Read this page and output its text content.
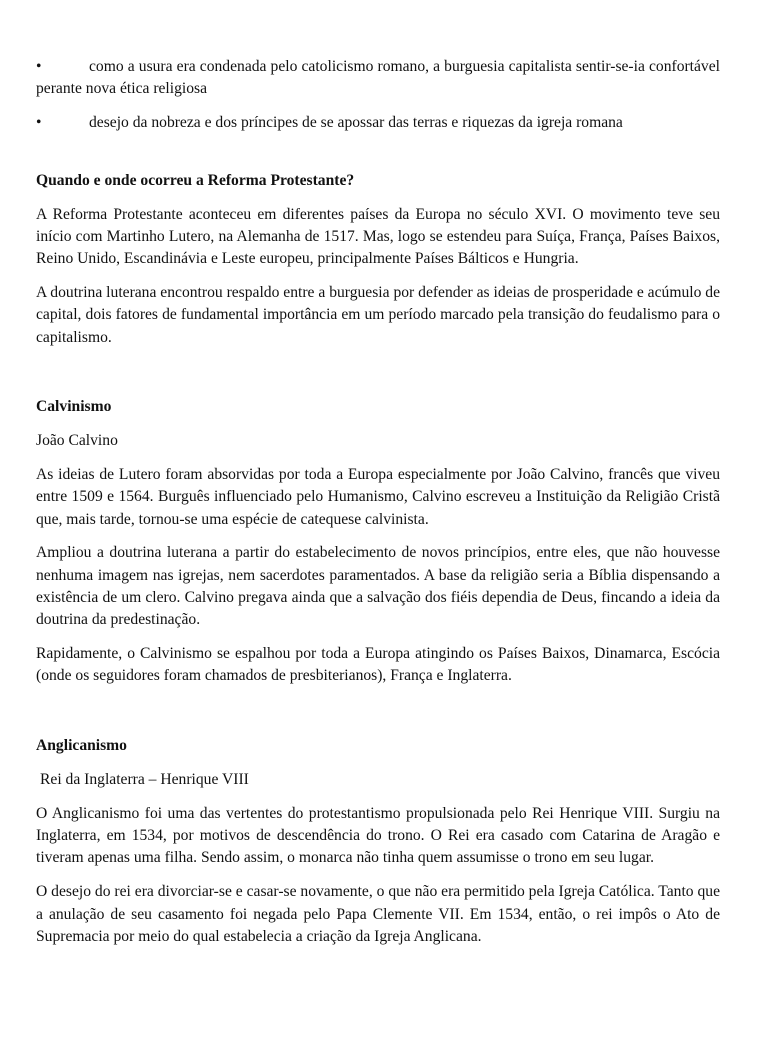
•	como a usura era condenada pelo catolicismo romano, a burguesia capitalista sentir-se-ia confortável perante nova ética religiosa

•	desejo da nobreza e dos príncipes de se apossar das terras e riquezas da igreja romana

Quando e onde ocorreu a Reforma Protestante?

A Reforma Protestante aconteceu em diferentes países da Europa no século XVI. O movimento teve seu início com Martinho Lutero, na Alemanha de 1517. Mas, logo se estendeu para Suíça, França, Países Baixos, Reino Unido, Escandinávia e Leste europeu, principalmente Países Bálticos e Hungria.

A doutrina luterana encontrou respaldo entre a burguesia por defender as ideias de prosperidade e acúmulo de capital, dois fatores de fundamental importância em um período marcado pela transição do feudalismo para o capitalismo.

Calvinismo

João Calvino

As ideias de Lutero foram absorvidas por toda a Europa especialmente por João Calvino, francês que viveu entre 1509 e 1564. Burguês influenciado pelo Humanismo, Calvino escreveu a Instituição da Religião Cristã que, mais tarde, tornou-se uma espécie de catequese calvinista.

Ampliou a doutrina luterana a partir do estabelecimento de novos princípios, entre eles, que não houvesse nenhuma imagem nas igrejas, nem sacerdotes paramentados. A base da religião seria a Bíblia dispensando a existência de um clero. Calvino pregava ainda que a salvação dos fiéis dependia de Deus, fincando a ideia da doutrina da predestinação.

Rapidamente, o Calvinismo se espalhou por toda a Europa atingindo os Países Baixos, Dinamarca, Escócia (onde os seguidores foram chamados de presbiterianos), França e Inglaterra.

Anglicanismo

Rei da Inglaterra – Henrique VIII

O Anglicanismo foi uma das vertentes do protestantismo propulsionada pelo Rei Henrique VIII. Surgiu na Inglaterra, em 1534, por motivos de descendência do trono. O Rei era casado com Catarina de Aragão e tiveram apenas uma filha. Sendo assim, o monarca não tinha quem assumisse o trono em seu lugar.

O desejo do rei era divorciar-se e casar-se novamente, o que não era permitido pela Igreja Católica. Tanto que a anulação de seu casamento foi negada pelo Papa Clemente VII. Em 1534, então, o rei impôs o Ato de Supremacia por meio do qual estabelecia a criação da Igreja Anglicana.
